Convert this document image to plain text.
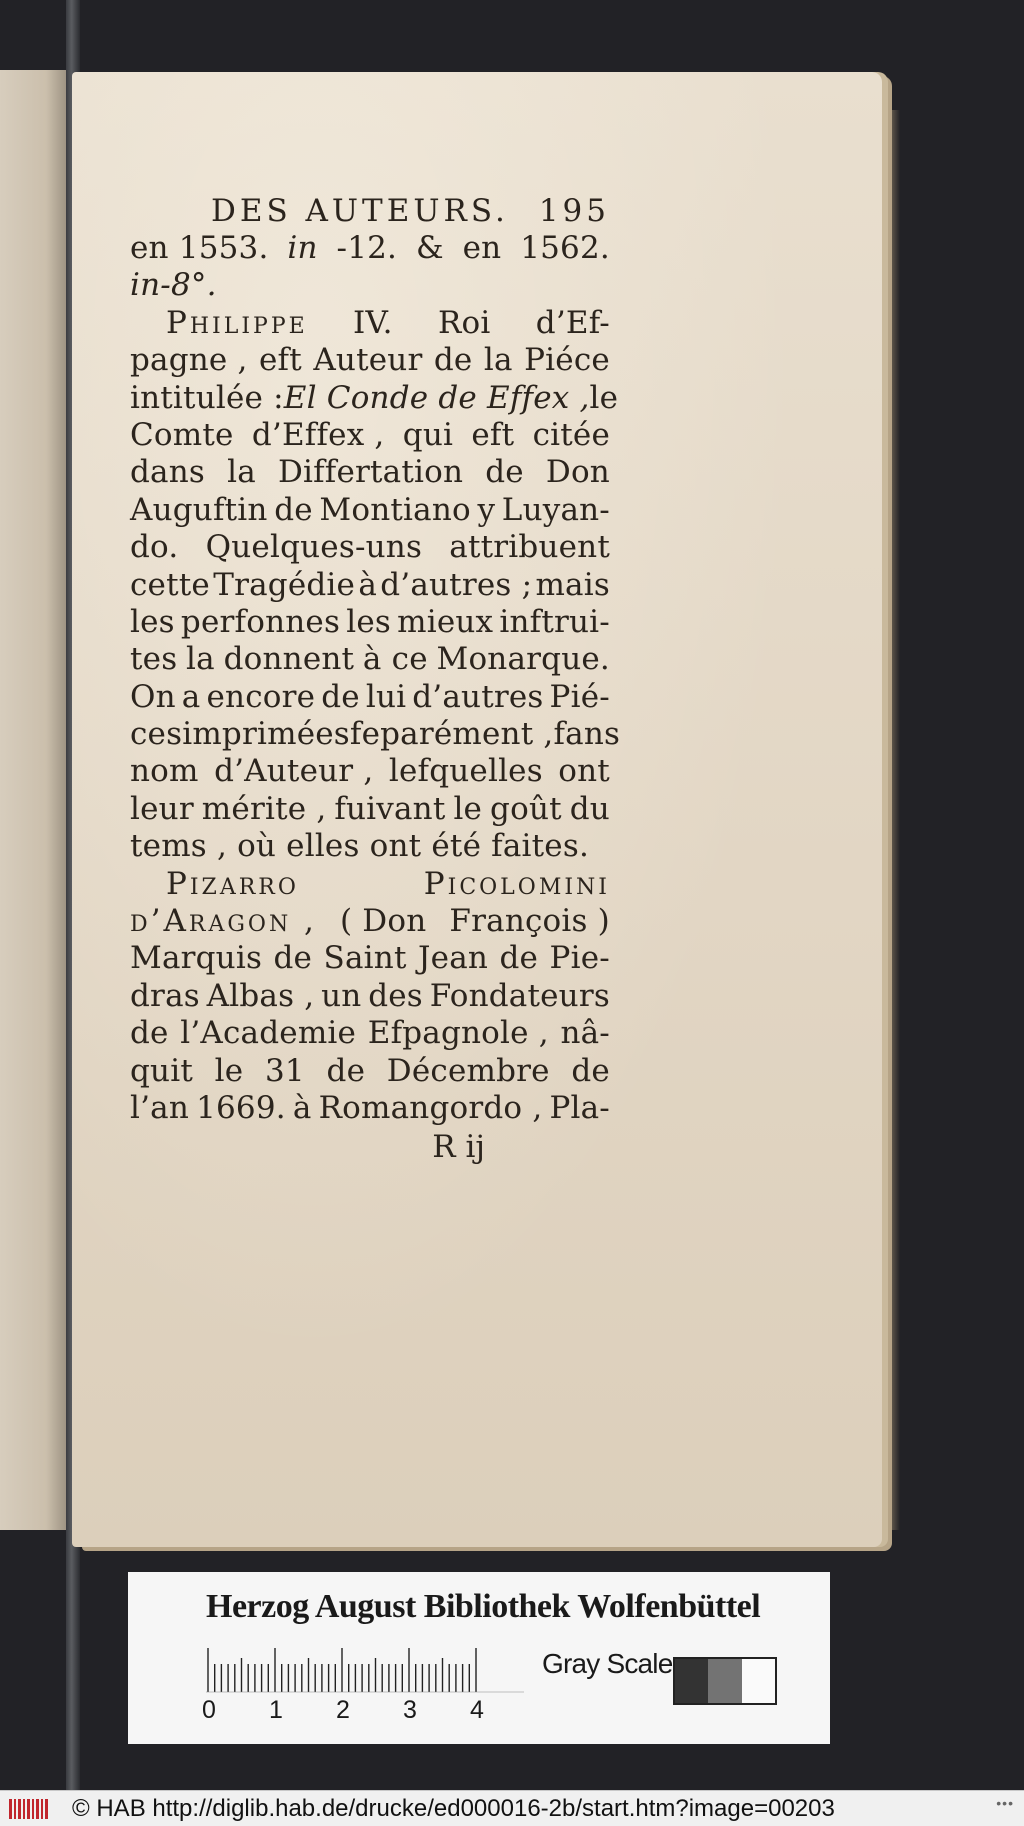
DES AUTEURS. 195
en 1553. in -12. & en 1562.
in-8°.
Philippe IV. Roi d’Ef-
pagne , eft Auteur de la Piéce
intitulée : El Conde de Effex , le
Comte d’Effex , qui eft citée
dans la Differtation de Don
Auguftin de Montiano y Luyan-
do. Quelques-uns attribuent
cette Tragédie à d’autres ; mais
les perfonnes les mieux inftrui-
tes la donnent à ce Monarque.
On a encore de lui d’autres Pié-
ces imprimées feparément , fans
nom d’Auteur , lefquelles ont
leur mérite , fuivant le goût du
tems , où elles ont été faites.
Pizarro	Picolomini
d’Aragon , ( Don François )
Marquis de Saint Jean de Pie-
dras Albas , un des Fondateurs
de l’Academie Efpagnole , nâ-
quit le 31 de Décembre de
l’an 1669. à Romangordo , Pla-
R ij
Herzog August Bibliothek Wolfenbüttel
0 1 2 3 4
Gray Scale
© HAB http://diglib.hab.de/drucke/ed000016-2b/start.htm?image=00203	•••
